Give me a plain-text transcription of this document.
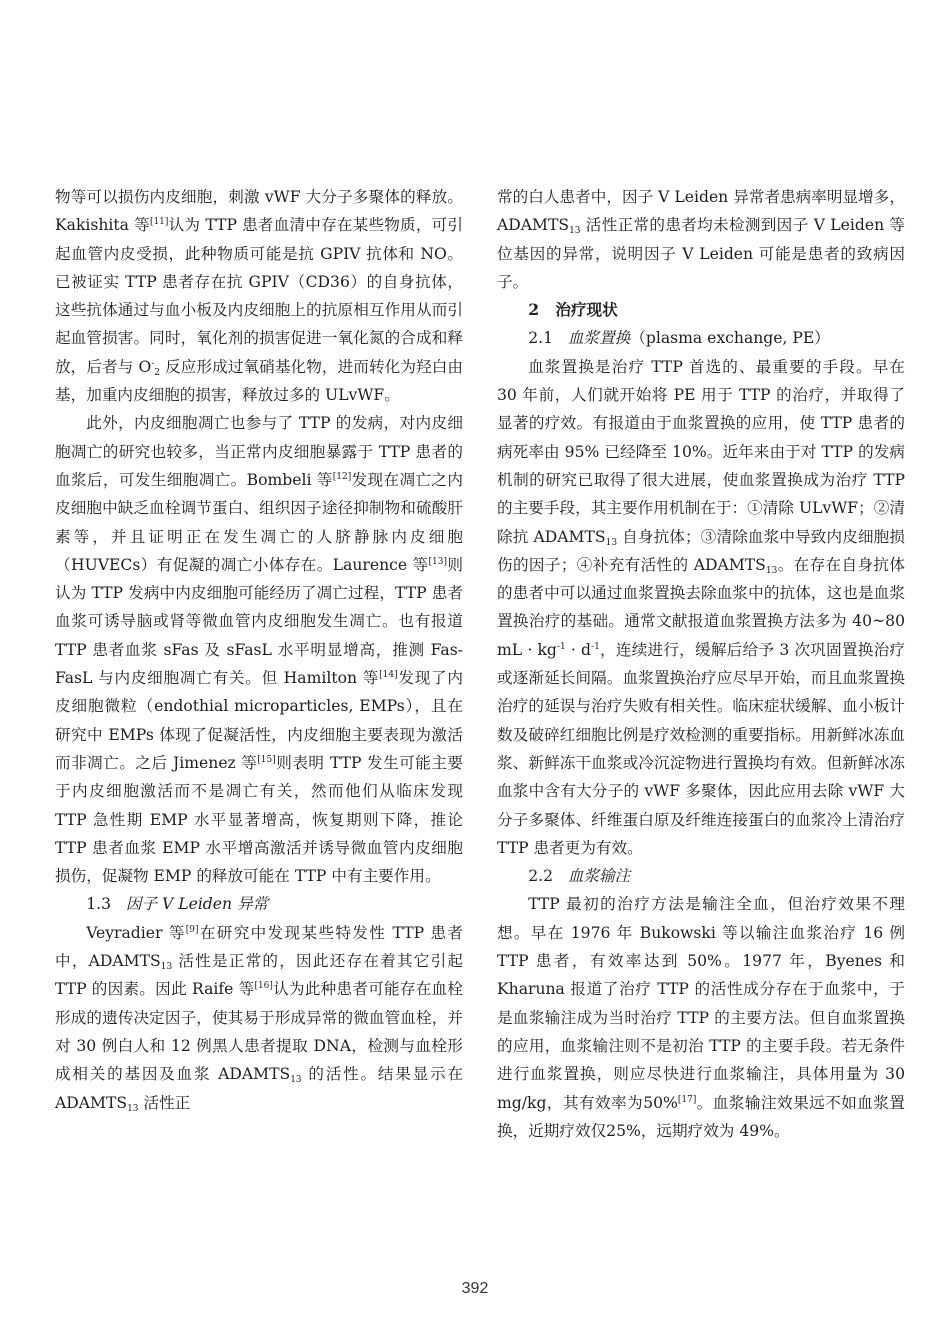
物等可以损伤内皮细胞，刺激 vWF 大分子多聚体的释放。Kakishita 等[11]认为 TTP 患者血清中存在某些物质，可引起血管内皮受损，此种物质可能是抗 GPIV 抗体和 NO。已被证实 TTP 患者存在抗 GPIV（CD36）的自身抗体，这些抗体通过与血小板及内皮细胞上的抗原相互作用从而引起血管损害。同时，氧化剂的损害促进一氧化氮的合成和释放，后者与 $O^-_2$ 反应形成过氧硝基化物，进而转化为羟白由基，加重内皮细胞的损害，释放过多的 ULvWF。

此外，内皮细胞凋亡也参与了 TTP 的发病，对内皮细胞凋亡的研究也较多，当正常内皮细胞暴露于 TTP 患者的血浆后，可发生细胞凋亡。Bombeli 等[12]发现在凋亡之内皮细胞中缺乏血栓调节蛋白、组织因子途径抑制物和硫酸肝素等，并且证明正在发生凋亡的人脐静脉内皮细胞（HUVECs）有促凝的凋亡小体存在。Laurence 等[13]则认为 TTP 发病中内皮细胞可能经历了凋亡过程，TTP 患者血浆可诱导脑或肾等微血管内皮细胞发生凋亡。也有报道 TTP 患者血浆 sFas 及 sFasL 水平明显增高，推测 Fas-FasL 与内皮细胞凋亡有关。但 Hamilton 等[14]发现了内皮细胞微粒（endothial microparticles, EMPs），且在研究中 EMPs 体现了促凝活性，内皮细胞主要表现为激活而非凋亡。之后 Jimenez 等[15]则表明 TTP 发生可能主要于内皮细胞激活而不是凋亡有关，然而他们从临床发现 TTP 急性期 EMP 水平显著增高，恢复期则下降，推论 TTP 患者血浆 EMP 水平增高激活并诱导微血管内皮细胞损伤，促凝物 EMP 的释放可能在 TTP 中有主要作用。

1.3 因子 V Leiden 异常

Veyradier 等[9]在研究中发现某些特发性 TTP 患者中，$ADAMTS_{13}$ 活性是正常的，因此还存在着其它引起 TTP 的因素。因此 Raife 等[16]认为此种患者可能存在血栓形成的遗传决定因子，使其易于形成异常的微血管血栓，并对 30 例白人和 12 例黑人患者提取 DNA，检测与血栓形成相关的基因及血浆 $ADAMTS_{13}$ 的活性。结果显示在 $ADAMTS_{13}$ 活性正

常的白人患者中，因子 V Leiden 异常者患病率明显增多，$ADAMTS_{13}$ 活性正常的患者均未检测到因子 V Leiden 等位基因的异常，说明因子 V Leiden 可能是患者的致病因子。

2 治疗现状

2.1 血浆置换（plasma exchange, PE）

血浆置换是治疗 TTP 首选的、最重要的手段。早在 30 年前，人们就开始将 PE 用于 TTP 的治疗，并取得了显著的疗效。有报道由于血浆置换的应用，使 TTP 患者的病死率由 95% 已经降至 10%。近年来由于对 TTP 的发病机制的研究已取得了很大进展，使血浆置换成为治疗 TTP 的主要手段，其主要作用机制在于：①清除 ULvWF；②清除抗 $ADAMTS_{13}$ 自身抗体；③清除血浆中导致内皮细胞损伤的因子；④补充有活性的 $ADAMTS_{13}$。在存在自身抗体的患者中可以通过血浆置换去除血浆中的抗体，这也是血浆置换治疗的基础。通常文献报道血浆置换方法多为 40~80 mL · $kg^{-1} \cdot d^{-1}$，连续进行，缓解后给予 3 次巩固置换治疗或逐渐延长间隔。血浆置换治疗应尽早开始，而且血浆置换治疗的延误与治疗失败有相关性。临床症状缓解、血小板计数及破碎红细胞比例是疗效检测的重要指标。用新鲜冰冻血浆、新鲜冻干血浆或冷沉淀物进行置换均有效。但新鲜冰冻血浆中含有大分子的 vWF 多聚体，因此应用去除 vWF 大分子多聚体、纤维蛋白原及纤维连接蛋白的血浆冷上清治疗 TTP 患者更为有效。

2.2 血浆输注

TTP 最初的治疗方法是输注全血，但治疗效果不理想。早在 1976 年 Bukowski 等以输注血浆治疗 16 例 TTP 患者，有效率达到 50%。1977 年，Byenes 和 Kharuna 报道了治疗 TTP 的活性成分存在于血浆中，于是血浆输注成为当时治疗 TTP 的主要方法。但自血浆置换的应用，血浆输注则不是初治 TTP 的主要手段。若无条件进行血浆置换，则应尽快进行血浆输注，具体用量为 30 mg/kg，其有效率为50%[17]。血浆输注效果远不如血浆置换，近期疗效仅25%，远期疗效为 49%。

392
